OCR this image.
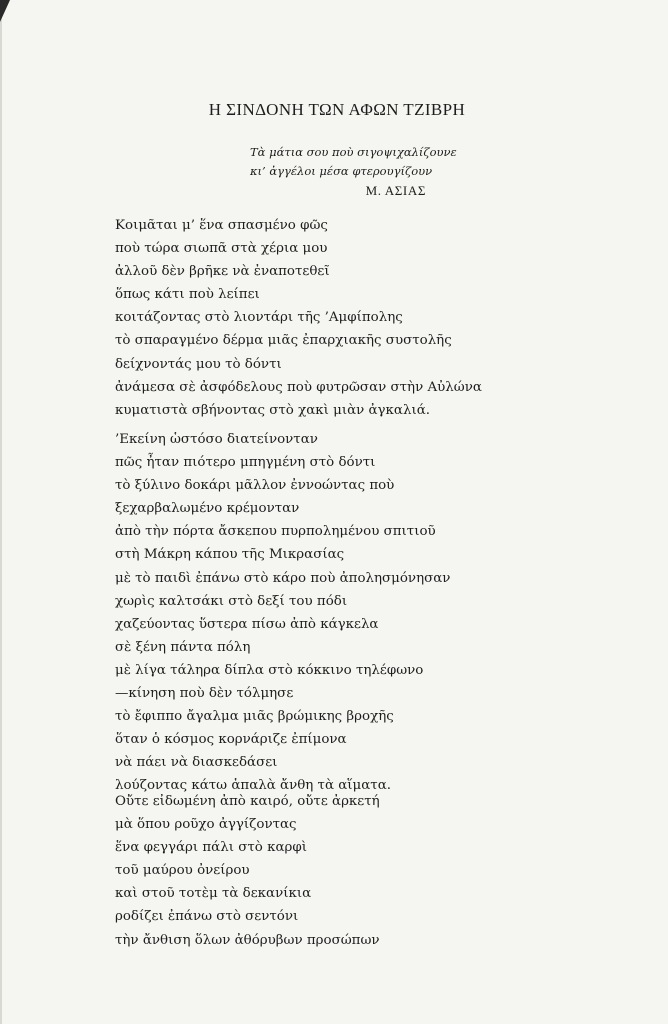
Η ΣΙΝΔΟΝΗ ΤΩΝ ΑΦΩΝ ΤΖΙΒΡΗ
Τὰ μάτια σου ποὺ σιγοψιχαλίζουνε
κι’ ἀγγέλοι μέσα φτερουγίζουν
Μ. ΑΣΙΑΣ
Κοιμᾶται μ’ ἕνα σπασμένο φῶς
ποὺ τώρα σιωπᾶ στὰ χέρια μου
ἀλλοῦ δὲν βρῆκε νὰ ἐναποτεθεῖ
ὅπως κάτι ποὺ λείπει
κοιτάζοντας στὸ λιοντάρι τῆς ’Αμφίπολης
τὸ σπαραγμένο δέρμα μιᾶς ἐπαρχιακῆς συστολῆς
δείχνοντάς μου τὸ δόντι
ἀνάμεσα σὲ ἀσφόδελους ποὺ φυτρῶσαν στὴν Αὐλώνα
κυματιστὰ σβήνοντας στὸ χακὶ μιὰν ἀγκαλιά.
’Εκείνη ὡστόσο διατείνονταν
πῶς ἦταν πιότερο μπηγμένη στὸ δόντι
τὸ ξύλινο δοκάρι μᾶλλον ἐννοώντας ποὺ
ξεχαρβαλωμένο κρέμονταν
ἀπὸ τὴν πόρτα ἄσκεπου πυρπολημένου σπιτιοῦ
στὴ Μάκρη κάπου τῆς Μικρασίας
μὲ τὸ παιδὶ ἐπάνω στὸ κάρο ποὺ ἀπολησμόνησαν
χωρὶς καλτσάκι στὸ δεξί του πόδι
χαζεύοντας ὕστερα πίσω ἀπὸ κάγκελα
σὲ ξένη πάντα πόλη
μὲ λίγα τάληρα δίπλα στὸ κόκκινο τηλέφωνο
—κίνηση ποὺ δὲν τόλμησε
τὸ ἔφιππο ἄγαλμα μιᾶς βρώμικης βροχῆς
ὅταν ὁ κόσμος κορνάριζε ἐπίμονα
νὰ πάει νὰ διασκεδάσει
λούζοντας κάτω ἁπαλὰ ἄνθη τὰ αἵματα.
Οὔτε εἰδωμένη ἀπὸ καιρό, οὔτε ἀρκετή
μὰ ὅπου ροῦχο ἀγγίζοντας
ἕνα φεγγάρι πάλι στὸ καρφὶ
τοῦ μαύρου ὀνείρου
καὶ στοῦ τοτὲμ τὰ δεκανίκια
ροδίζει ἐπάνω στὸ σεντόνι
τὴν ἄνθιση ὅλων ἀθόρυβων προσώπων
